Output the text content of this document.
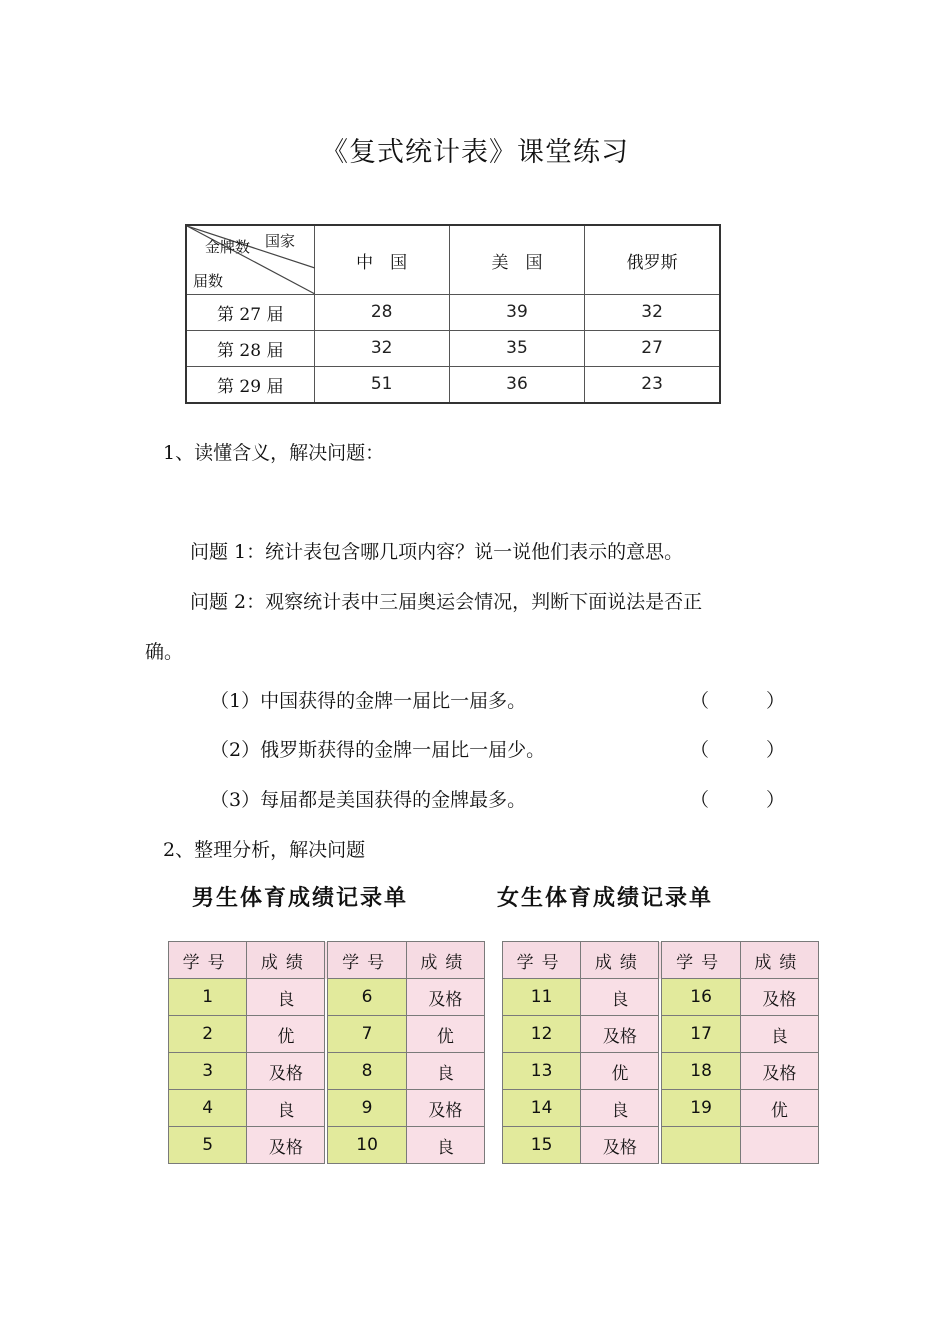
《复式统计表》课堂练习
国家
金牌数
届数	中　国	美　国	俄罗斯
第 27 届	28	39	32
第 28 届	32	35	27
第 29 届	51	36	23
1、读懂含义，解决问题：
问题 1：统计表包含哪几项内容？说一说他们表示的意思。
问题 2：观察统计表中三届奥运会情况，判断下面说法是否正
确。
（1）中国获得的金牌一届比一届多。	（　　　）
（2）俄罗斯获得的金牌一届比一届少。	（　　　）
（3）每届都是美国获得的金牌最多。	（　　　）
2、整理分析，解决问题
男生体育成绩记录单	女生体育成绩记录单
学号	成绩		学号	成绩
1	良		6	及格
2	优		7	优
3	及格		8	良
4	良		9	及格
5	及格		10	良
学号	成绩		学号	成绩
11	良		16	及格
12	及格		17	良
13	优		18	及格
14	良		19	优
15	及格			
